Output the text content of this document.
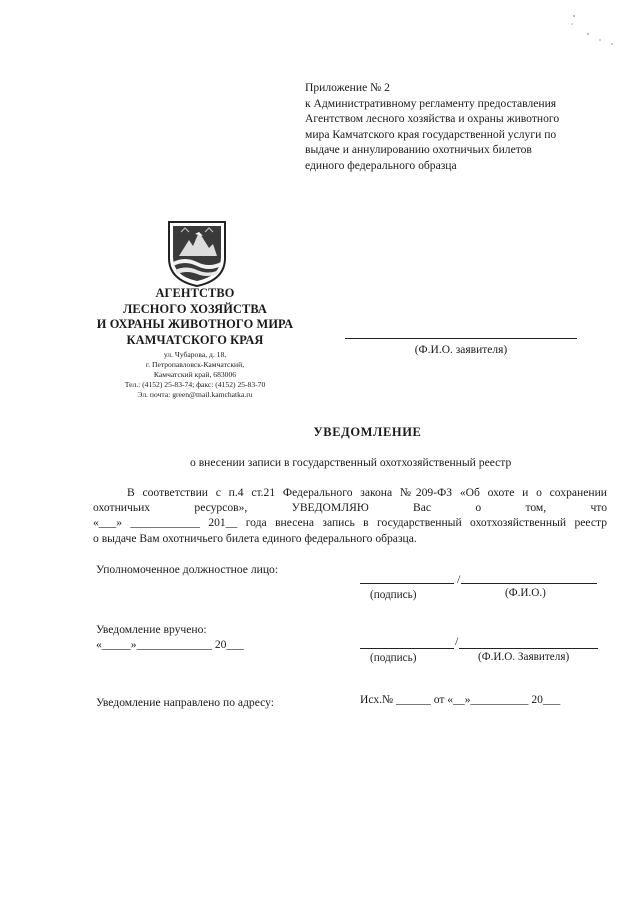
Приложение № 2
к Административному регламенту предоставления
Агентством лесного хозяйства и охраны животного
мира Камчатского края государственной услуги по
выдаче и аннулированию охотничьих билетов
единого федерального образца
АГЕНТСТВО
ЛЕСНОГО ХОЗЯЙСТВА
И ОХРАНЫ ЖИВОТНОГО МИРА
КАМЧАТСКОГО КРАЯ
ул. Чубарова, д. 18,
г. Петропавловск-Камчатский,
Камчатский край, 683006
Тел.: (4152) 25-83-74; факс: (4152) 25-83-70
Эл. почта: green@mail.kamchatka.ru
(Ф.И.О. заявителя)
УВЕДОМЛЕНИЕ
о внесении записи в государственный охотхозяйственный реестр
В соответствии с п.4 ст.21 Федерального закона №209-ФЗ «Об охоте и о сохранении
охотничьих ресурсов», УВЕДОМЛЯЮ Вас о том, что
«___» ____________ 201__ года внесена запись в государственный охотхозяйственный реестр
о выдаче Вам охотничьего билета единого федерального образца.
Уполномоченное должностное лицо:
/
(подпись)	(Ф.И.О.)
Уведомление вручено:
«_____»_____________ 20___	/
(подпись)	(Ф.И.О. Заявителя)
Уведомление направлено по адресу:	Исх.№ ______ от «__»__________ 20___
